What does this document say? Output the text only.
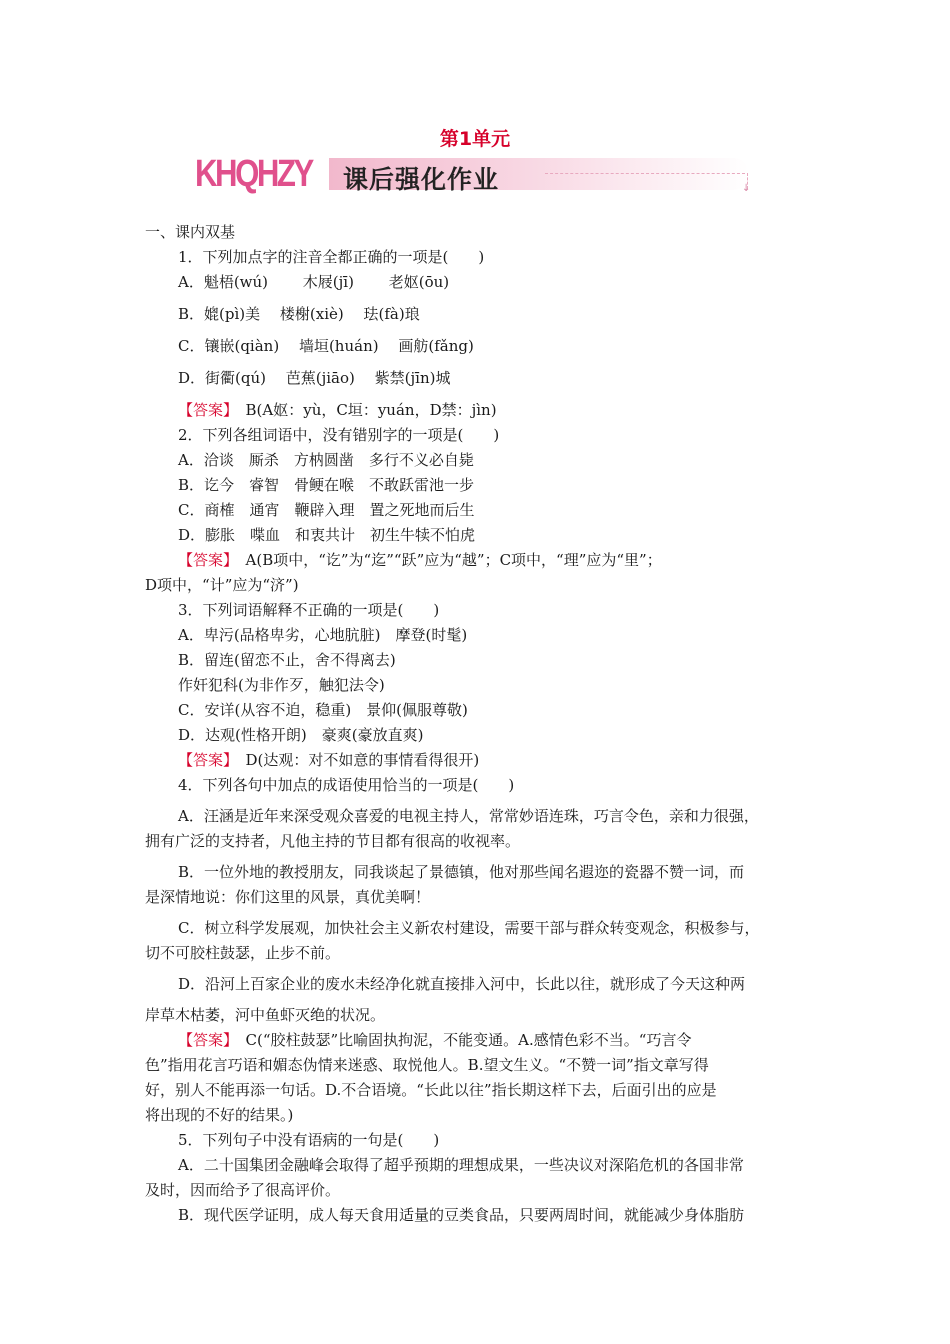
第1单元
KHQHZY 课后强化作业	↓
一、课内双基
1．下列加点字的注音全都正确的一项是(　　)
A．魁梧(wú)　　 木屐(jī)　　 老妪(ōu)
B．媲(pì)美　 楼榭(xiè)　 珐(fà)琅
C．镶嵌(qiàn)　 墙垣(huán)　 画舫(fǎng)
D．街衢(qú)　 芭蕉(jiāo)　 紫禁(jīn)城
【答案】　B(A妪：yù，C垣：yuán，D禁：jìn)
2．下列各组词语中，没有错别字的一项是(　　)
A．洽谈　厮杀　方枘圆凿　多行不义必自毙
B．讫今　睿智　骨鲠在喉　不敢跃雷池一步
C．商榷　通宵　鞭辟入理　置之死地而后生
D．膨胀　喋血　和衷共计　初生牛犊不怕虎
【答案】　A(B项中，“讫”为“迄”“跃”应为“越”；C项中，“理”应为“里”；
D项中，“计”应为“济”)
3．下列词语解释不正确的一项是(　　)
A．卑污(品格卑劣，心地肮脏)　摩登(时髦)
B．留连(留恋不止，舍不得离去)
作奸犯科(为非作歹，触犯法令)
C．安详(从容不迫，稳重)　景仰(佩服尊敬)
D．达观(性格开朗)　豪爽(豪放直爽)
【答案】　D(达观：对不如意的事情看得很开)
4．下列各句中加点的成语使用恰当的一项是(　　)
A．汪涵是近年来深受观众喜爱的电视主持人，常常妙语连珠，巧言令色，亲和力很强，
拥有广泛的支持者，凡他主持的节目都有很高的收视率。
B．一位外地的教授朋友，同我谈起了景德镇，他对那些闻名遐迩的瓷器不赞一词，而
是深情地说：你们这里的风景，真优美啊！
C．树立科学发展观，加快社会主义新农村建设，需要干部与群众转变观念，积极参与，
切不可胶柱鼓瑟，止步不前。
D．沿河上百家企业的废水未经净化就直接排入河中，长此以往，就形成了今天这种两
岸草木枯萎，河中鱼虾灭绝的状况。
【答案】　C(“胶柱鼓瑟”比喻固执拘泥，不能变通。A.感情色彩不当。“巧言令
色”指用花言巧语和媚态伪情来迷惑、取悦他人。B.望文生义。“不赞一词”指文章写得
好，别人不能再添一句话。D.不合语境。“长此以往”指长期这样下去，后面引出的应是
将出现的不好的结果。)
5．下列句子中没有语病的一句是(　　)
A．二十国集团金融峰会取得了超乎预期的理想成果，一些决议对深陷危机的各国非常
及时，因而给予了很高评价。
B．现代医学证明，成人每天食用适量的豆类食品，只要两周时间，就能减少身体脂肪
